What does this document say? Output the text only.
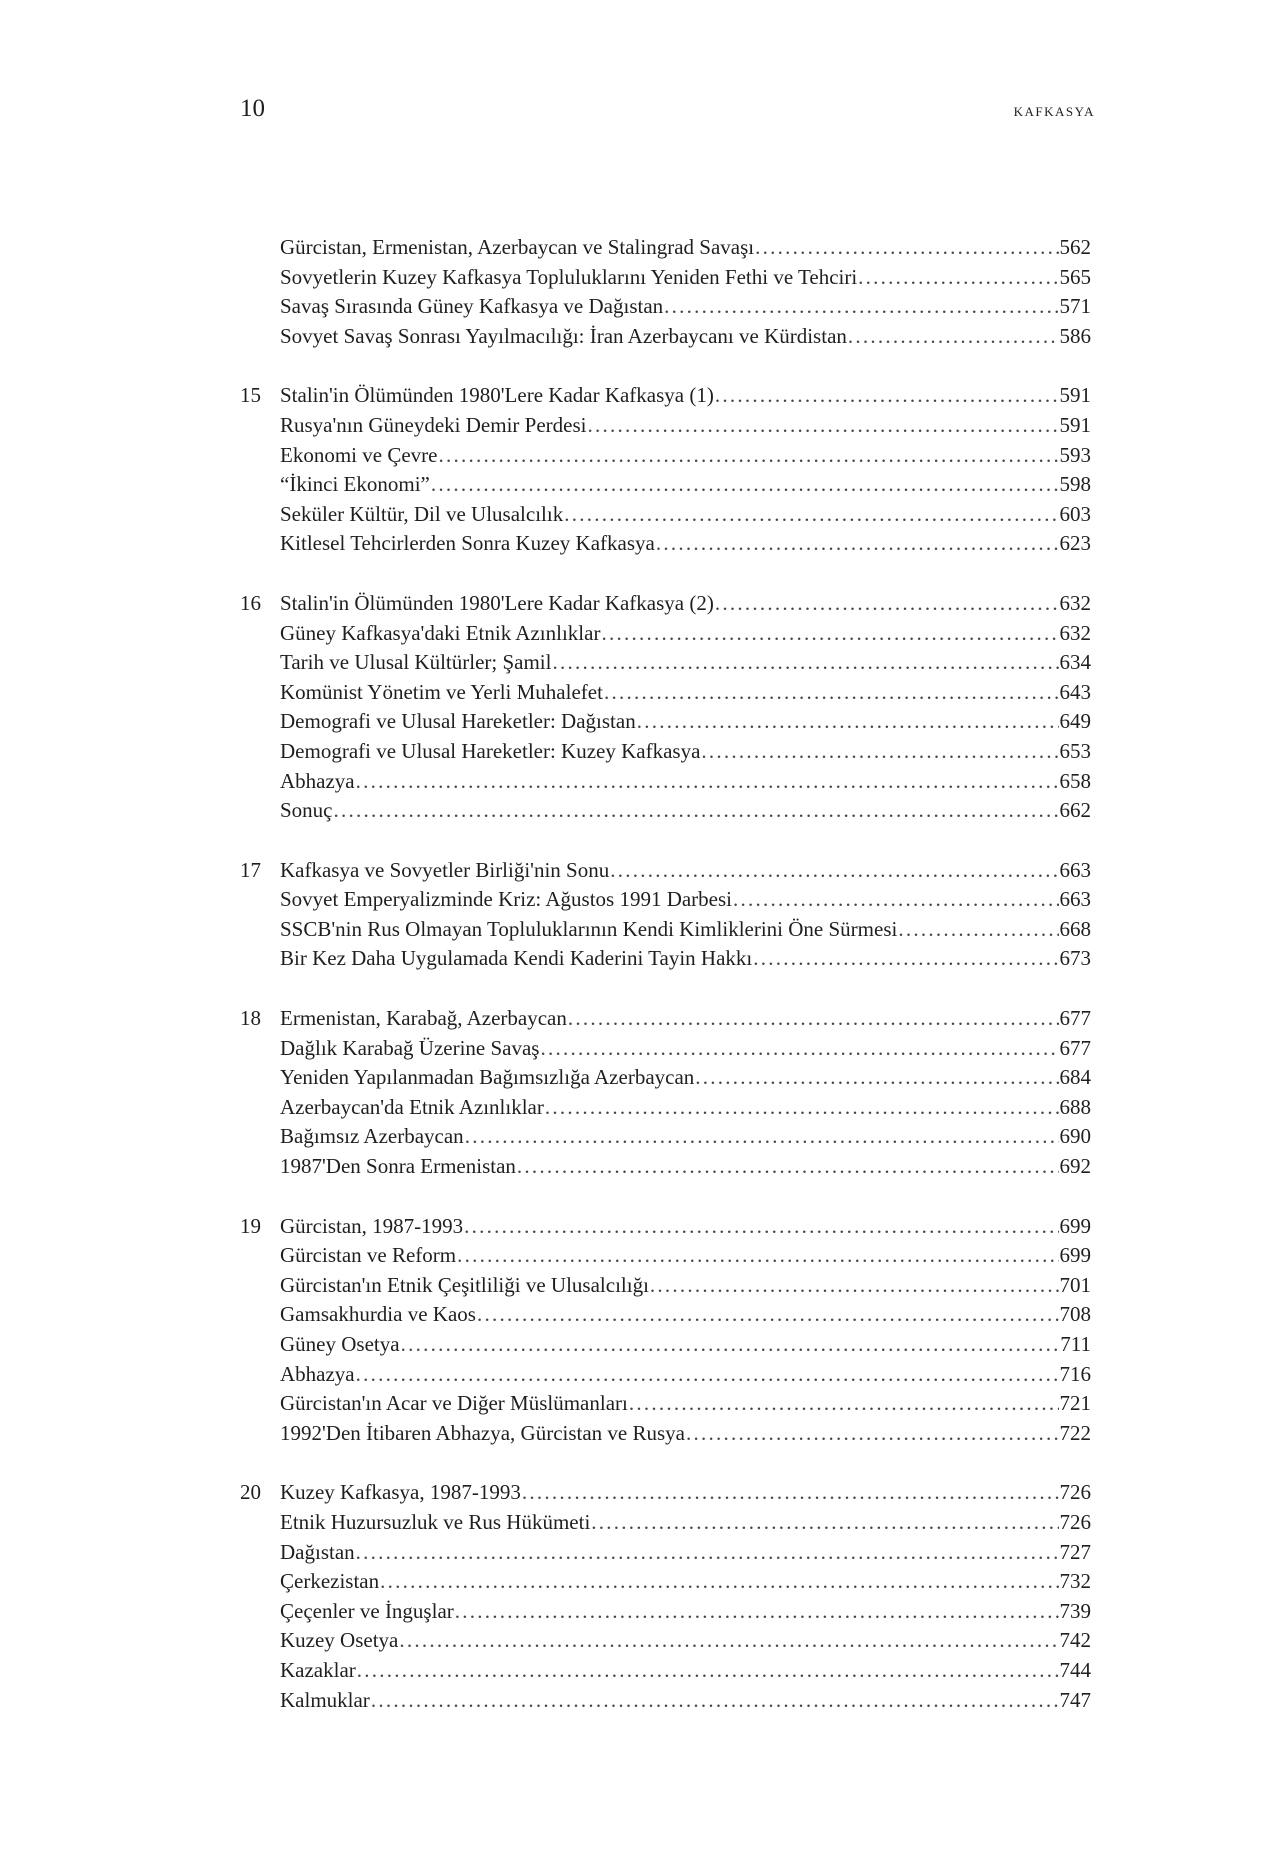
10	KAFKASYA
Gürcistan, Ermenistan, Azerbaycan ve Stalingrad Savaşı . . .	562
Sovyetlerin Kuzey Kafkasya Topluluklarını Yeniden Fethi ve Tehciri . . .	565
Savaş Sırasında Güney Kafkasya ve Dağıstan . . .	571
Sovyet Savaş Sonrası Yayılmacılığı: İran Azerbaycanı ve Kürdistan . . .	586
15 Stalin'in Ölümünden 1980'Lere Kadar Kafkasya (1) . . .	591
Rusya'nın Güneydeki Demir Perdesi . . .	591
Ekonomi ve Çevre . . .	593
“İkinci Ekonomi” . . .	598
Seküler Kültür, Dil ve Ulusalcılık . . .	603
Kitlesel Tehcirlerden Sonra Kuzey Kafkasya . . .	623
16 Stalin'in Ölümünden 1980'Lere Kadar Kafkasya (2) . . .	632
Güney Kafkasya'daki Etnik Azınlıklar . . .	632
Tarih ve Ulusal Kültürler; Şamil . . .	634
Komünist Yönetim ve Yerli Muhalefet . . .	643
Demografi ve Ulusal Hareketler: Dağıstan . . .	649
Demografi ve Ulusal Hareketler: Kuzey Kafkasya . . .	653
Abhazya . . .	658
Sonuç . . .	662
17 Kafkasya ve Sovyetler Birliği'nin Sonu . . .	663
Sovyet Emperyalizminde Kriz: Ağustos 1991 Darbesi . . .	663
SSCB'nin Rus Olmayan Topluluklarının Kendi Kimliklerini Öne Sürmesi . . .	668
Bir Kez Daha Uygulamada Kendi Kaderini Tayin Hakkı . . .	673
18 Ermenistan, Karabağ, Azerbaycan . . .	677
Dağlık Karabağ Üzerine Savaş . . .	677
Yeniden Yapılanmadan Bağımsızlığa Azerbaycan . . .	684
Azerbaycan'da Etnik Azınlıklar . . .	688
Bağımsız Azerbaycan . . .	690
1987'Den Sonra Ermenistan . . .	692
19 Gürcistan, 1987-1993 . . .	699
Gürcistan ve Reform . . .	699
Gürcistan'ın Etnik Çeşitliliği ve Ulusalcılığı . . .	701
Gamsakhurdia ve Kaos . . .	708
Güney Osetya . . .	711
Abhazya . . .	716
Gürcistan'ın Acar ve Diğer Müslümanları . . .	721
1992'Den İtibaren Abhazya, Gürcistan ve Rusya . . .	722
20 Kuzey Kafkasya, 1987-1993 . . .	726
Etnik Huzursuzluk ve Rus Hükümeti . . .	726
Dağıstan . . .	727
Çerkezistan . . .	732
Çeçenler ve İnguşlar . . .	739
Kuzey Osetya . . .	742
Kazaklar . . .	744
Kalmuklar . . .	747
